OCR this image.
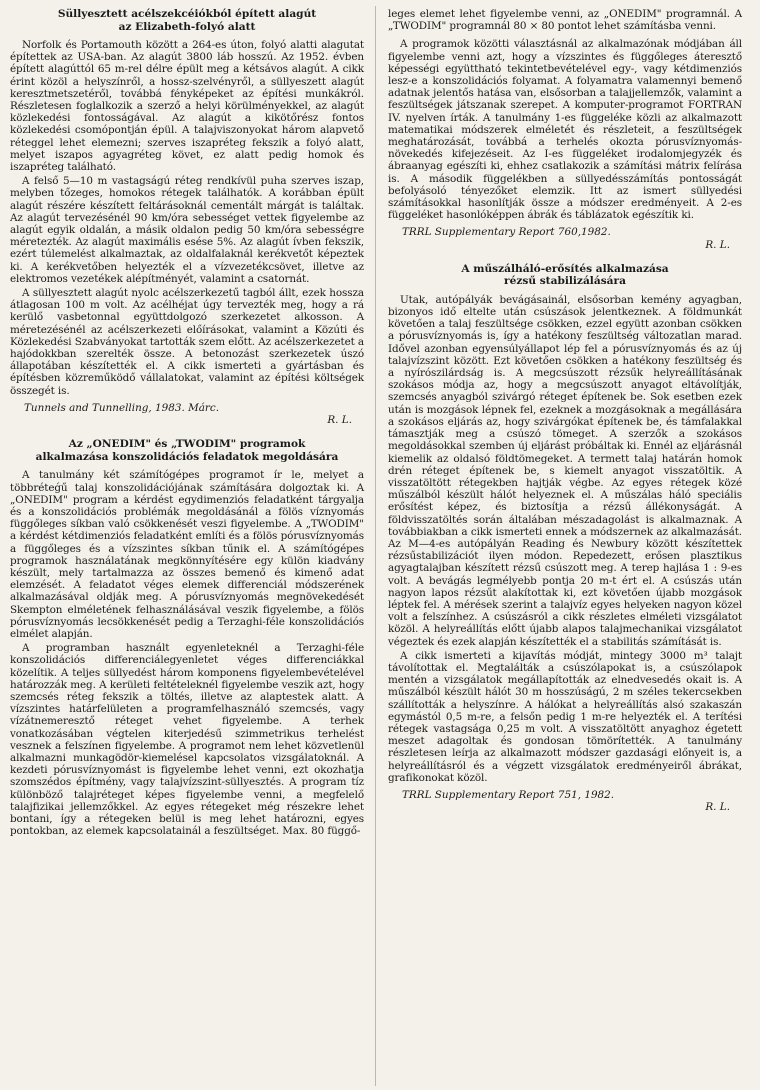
Süllyesztett acélszekcéiókból épített alagút
az Elizabeth-folyó alatt

Norfolk és Portamouth között a 264-es úton, folyó alatti alagutat építettek az USA-ban. Az alagút 3800 láb hosszú. Az 1952. évben épített alagúttól 65 m-rel délre épült meg a kétsávos alagút. A cikk érint közöl a helyszínről, a hossz-szelvényről, a süllyeszett alagút keresztmetszetéről, továbbá fényképeket az építési munkákról. Részletesen foglalkozik a szerző a helyi körülményekkel, az alagút közlekedési fontosságával. Az alagút a kikötőrész fontos közlekedési csomópontján épül. A talajviszonyokat három alapvető réteggel lehet elemezni; szerves iszapréteg fekszik a folyó alatt, melyet iszapos agyagréteg követ, ez alatt pedig homok és iszapréteg található.

A felső 5—10 m vastagságú réteg rendkívül puha szerves iszap, melyben tőzeges, homokos rétegek találhatók. A korábban épült alagút részére készített feltárásoknál cementált márgát is találtak. Az alagút tervezésénél 90 km/óra sebességet vettek figyelembe az alagút egyik oldalán, a másik oldalon pedig 50 km/óra sebességre méretezték. Az alagút maximális esése 5%. Az alagút ívben fekszik, ezért túlemelést alkalmaztak, az oldalfalaknál kerékvetőt képeztek ki. A kerékvetőben helyezték el a vízvezetékcsövet, illetve az elektromos vezetékek alépítményét, valamint a csatornát.

A süllyesztett alagút nyolc acélszerkezetű tagból állt, ezek hossza átlagosan 100 m volt. Az acélhéjat úgy tervezték meg, hogy a rá kerülő vasbetonnal együttdolgozó szerkezetet alkosson. A méretezésénél az acélszerkezeti előírásokat, valamint a Közúti és Közlekedési Szabványokat tartották szem előtt. Az acélszerkezetet a hajódokkban szerelték össze. A betonozást szerkezetek úszó állapotában készítették el. A cikk ismerteti a gyártásban és építésben közreműködő vállalatokat, valamint az építési költségek összegét is.

Tunnels and Tunnelling, 1983. Márc.
R. L.
Az „ONEDIM" és „TWODIM" programok
alkalmazása konszolidációs feladatok megoldására

A tanulmány két számítógépes programot ír le, melyet a többréteǵű talaj konszolidációjának számítására dolgoztak ki. A „ONEDIM" program a kérdést egydimenziós feladatként tárgyalja és a konszolidációs problémák megoldásánál a fölös víznyomás függőleges síkban való csökkenését veszi figyelembe. A „TWODIM" a kérdést kétdimenziós feladatként említi és a fölös pórusvíznyomás a függőleges és a vízszintes síkban tűnik el. A számítógépes programok használatának megkönnyítésére egy külön kiadvány készült, mely tartalmazza az összes bemenő és kimenő adat elemzését. A feladatot véges elemek differenciál módszerének alkalmazásával oldják meg. A pórusvíznyomás megnövekedését Skempton elméletének felhasználásával veszik figyelembe, a fölös pórusvíznyomás lecsökkenését pedig a Terzaghi-féle konszolidációs elmélet alapján.

A programban használt egyenleteknél a Terzaghi-féle konszolidációs differenciálegyenletet véges differenciákkal közelítik. A teljes süllyedést három komponens figyelembevételével határozzák meg. A kerületi feltételeknél figyelembe veszik azt, hogy szemcsés réteg fekszik a töltés, illetve az alaptestek alatt. A vízszintes határfelületen a programfelhasználó szemcsés, vagy vízátnemeresztő réteget vehet figyelembe. A terhek vonatkozásában végtelen kiterjedésű szimmetrikus terhelést vesznek a felszínen figyelembe. A programot nem lehet közvetlenül alkalmazni munkagödör-kiemelésel kapcsolatos vizsgálatoknál. A kezdeti pórusvíznyomást is figyelembe lehet venni, ezt okozhatja szomszédos építmény, vagy talajvízszint-süllyesztés. A program tíz különböző talajréteget képes figyelembe venni, a megfelelő talajfizikai jellemzőkkel. Az egyes rétegeket még részekre lehet bontani, így a rétegeken belül is meg lehet határozni, egyes pontokban, az elemek kapcsolatainál a feszültséget. Max. 80 függő-

leges elemet lehet figyelembe venni, az „ONEDIM" programnál. A „TWODIM" programnál 80 × 80 pontot lehet számításba venni.

A programok közötti választásnál az alkalmazónak módjában áll figyelembe venni azt, hogy a vízszintes és függőleges áteresztő képességi együttható tekintetbevételével egy-, vagy kétdimenziós lesz-e a konszolidációs folyamat. A folyamatra valamennyi bemenő adatnak jelentős hatása van, elsősorban a talajjellemzők, valamint a feszültségek játszanak szerepet. A komputer-programot FORTRAN IV. nyelven írták. A tanulmány 1-es függeléke közli az alkalmazott matematikai módszerek elméletét és részleteit, a feszültségek meghatározását, továbbá a terhelés okozta pórusvíznyomás-növekedés kifejezéseit. Az I-es függeléket irodalomjegyzék és ábraanyag egészíti ki, ehhez csatlakozik a számítási mátrix felírása is. A második függelékben a süllyedésszámítás pontosságát befolyásoló tényezőket elemzik. Itt az ismert süllyedési számításokkal hasonlítják össze a módszer eredményeit. A 2-es függeléket hasonlóképpen ábrák és táblázatok egészítik ki.

TRRL Supplementary Report 760,1982.
R. L.
A műszálháló-erősítés alkalmazása
rézsű stabilizálására

Utak, autópályák bevágásainál, elsősorban kemény agyagban, bizonyos idő eltelte után csúszások jelentkeznek. A földmunkát követően a talaj feszültsége csökken, ezzel együtt azonban csökken a pórusvíznyomás is, így a hatékony feszültség változatlan marad. Idővel azonban egyensúlyállapot lép fel a pórusvíznyomás és az új talajvízszint között. Ezt követően csökken a hatékony feszültség és a nyírószilárdság is. A megcsúszott rézsűk helyreállításának szokásos módja az, hogy a megcsúszott anyagot eltávolítják, szemcsés anyagból szivárgó réteget építenek be. Sok esetben ezek után is mozgások lépnek fel, ezeknek a mozgásoknak a megállására a szokásos eljárás az, hogy szivárgókat építenek be, és támfalakkal támasztják meg a csúszó tömeget. A szerzők a szokásos megoldásokkal szemben új eljárást próbáltak ki. Ennél az eljárásnál kiemelik az oldalsó földtömegeket. A termett talaj határán homok drén réteget építenek be, s kiemelt anyagot visszatöltik. A visszatöltött rétegekben hajtják végbe. Az egyes rétegek közé műszálból készült hálót helyeznek el. A műszálas háló speciális erősítést képez, és biztosítja a rézsű állékonyságát. A földvisszatöltés során általában mészadagolást is alkalmaznak. A továbbiakban a cikk ismerteti ennek a módszernek az alkalmazását. Az M—4-es autópályán Reading és Newbury között készítettek rézsűstabilizációt ilyen módon. Repedezett, erősen plasztikus agyagtalajban készített rézsű csúszott meg. A terep hajlása 1 : 9-es volt. A bevágás legmélyebb pontja 20 m-t ért el. A csúszás után nagyon lapos rézsűt alakítottak ki, ezt követően újabb mozgások léptek fel. A mérések szerint a talajvíz egyes helyeken nagyon közel volt a felszínhez. A csúszásról a cikk részletes elméleti vizsgálatot közöl. A helyreállítás előtt újabb alapos talajmechanikai vizsgálatot végeztek és ezek alapján készítették el a stabilitás számítását is.

A cikk ismerteti a kijavítás módját, mintegy 3000 m³ talajt távolítottak el. Megtalálták a csúszólapokat is, a csúszólapok mentén a vizsgálatok megállapították az elnedvesedés okait is. A műszálból készült hálót 30 m hosszúságú, 2 m széles tekercsekben szállították a helyszínre. A hálókat a helyreállítás alsó szakaszán egymástól 0,5 m-re, a felsőn pedig 1 m-re helyezték el. A terítési rétegek vastagsága 0,25 m volt. A visszatöltött anyaghoz égetett meszet adagoltak és gondosan tömörítették. A tanulmány részletesen leírja az alkalmazott módszer gazdasági előnyeit is, a helyreállításról és a végzett vizsgálatok eredményeiről ábrákat, grafikonokat közöl.

TRRL Supplementary Report 751, 1982.
R. L.
